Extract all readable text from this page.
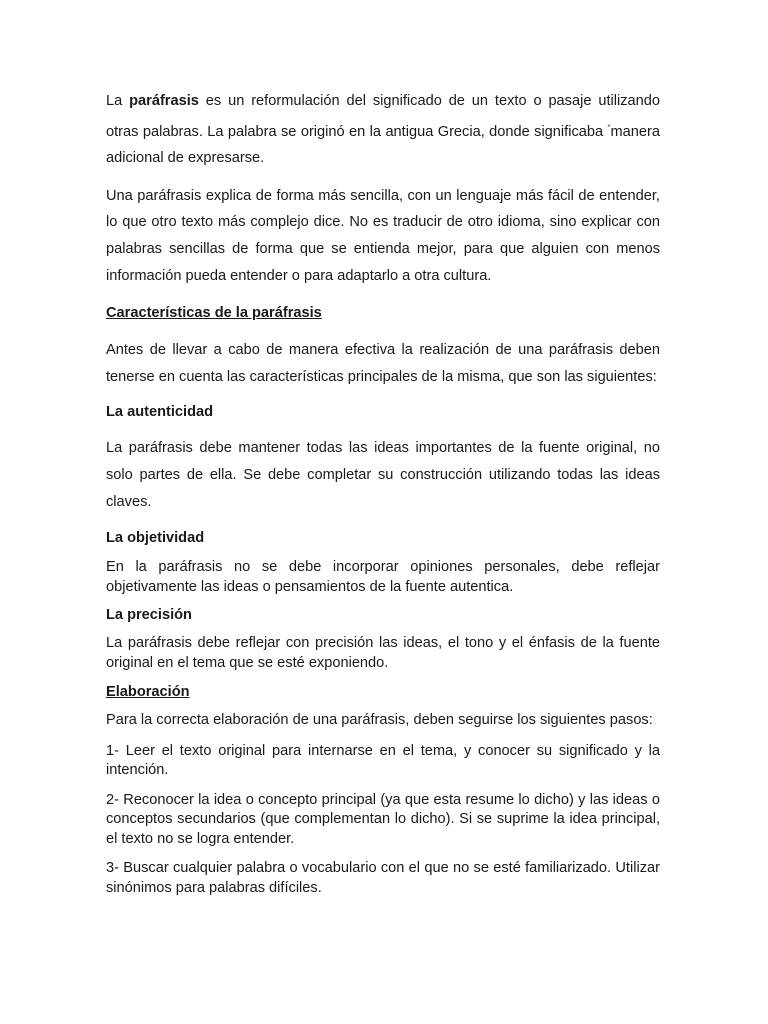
La paráfrasis es un reformulación del significado de un texto o pasaje utilizando otras palabras. La palabra se originó en la antigua Grecia, donde significaba “manera adicional de expresarse.

Una paráfrasis explica de forma más sencilla, con un lenguaje más fácil de entender, lo que otro texto más complejo dice. No es traducir de otro idioma, sino explicar con palabras sencillas de forma que se entienda mejor, para que alguien con menos información pueda entender o para adaptarlo a otra cultura.

Características de la paráfrasis

Antes de llevar a cabo de manera efectiva la realización de una paráfrasis deben tenerse en cuenta las características principales de la misma, que son las siguientes:

La autenticidad

La paráfrasis debe mantener todas las ideas importantes de la fuente original, no solo partes de ella. Se debe completar su construcción utilizando todas las ideas claves.

La objetividad

En la paráfrasis no se debe incorporar opiniones personales, debe reflejar objetivamente las ideas o pensamientos de la fuente autentica.

La precisión

La paráfrasis debe reflejar con precisión las ideas, el tono y el énfasis de la fuente original en el tema que se esté exponiendo.

Elaboración

Para la correcta elaboración de una paráfrasis, deben seguirse los siguientes pasos:

1- Leer el texto original para internarse en el tema, y conocer su significado y la intención.

2- Reconocer la idea o concepto principal (ya que esta resume lo dicho) y las ideas o conceptos secundarios (que complementan lo dicho). Si se suprime la idea principal, el texto no se logra entender.

3- Buscar cualquier palabra o vocabulario con el que no se esté familiarizado. Utilizar sinónimos para palabras difíciles.
